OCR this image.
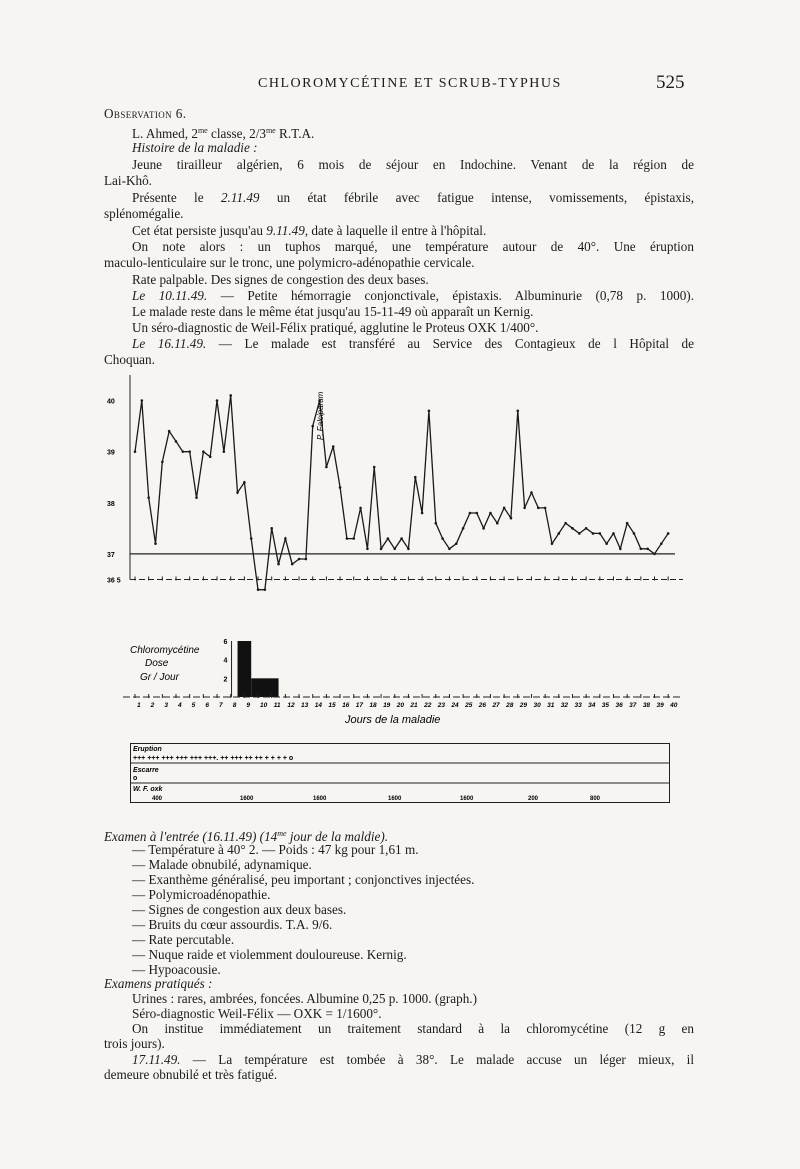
CHLOROMYCÉTINE ET SCRUB-TYPHUS	525
Observation 6.
L. Ahmed, $2^{me}$ classe, $2/3^{me}$ R.T.A.
Histoire de la maladie :
Jeune tirailleur algérien, 6 mois de séjour en Indochine. Venant de la région de
Lai-Khô.
Présente le 2.11.49 un état fébrile avec fatigue intense, vomissements, épistaxis,
splénomégalie.
Cet état persiste jusqu'au 9.11.49, date à laquelle il entre à l'hôpital.
On note alors : un tuphos marqué, une température autour de 40°. Une éruption
maculo-lenticulaire sur le tronc, une polymicro-adénopathie cervicale.
Rate palpable. Des signes de congestion des deux bases.
Le 10.11.49. — Petite hémorragie conjonctivale, épistaxis. Albuminurie (0,78 p. 1000).
Le malade reste dans le même état jusqu'au 15-11-49 où apparaît un Kernig.
Un séro-diagnostic de Weil-Félix pratiqué, agglutine le Proteus OXK 1/400°.
Le 16.11.49. — Le malade est transféré au Service des Contagieux de l Hôpital de
Choquan.
40
39
38
37
36 5
P. Falciparum
Chloromycétine
Dose
Gr / Jour
6
4
2
1 2 3 4 5 6 7 8 9 10 11 12 13 14 15 16 17 18 19 20 21 22 23 24 25 26 27 28 29 30 31 32 33 34 35 36 37 38 39 40
Jours de la maladie
Eruption
+++ +++ +++ +++ +++ +++. ++ +++ ++ ++ + + + + o
Escarre
o
W. F. oxk
400	1600	1600	1600	1600	200	800
Examen à l'entrée (16.11.49) ($14^{me}$ jour de la maldie).
— Température à 40° 2. — Poids : 47 kg pour 1,61 m.
— Malade obnubilé, adynamique.
— Exanthème généralisé, peu important ; conjonctives injectées.
— Polymicroadénopathie.
— Signes de congestion aux deux bases.
— Bruits du cœur assourdis. T.A. 9/6.
— Rate percutable.
— Nuque raide et violemment douloureuse. Kernig.
— Hypoacousie.
Examens pratiqués :
Urines : rares, ambrées, foncées. Albumine 0,25 p. 1000. (graph.)
Séro-diagnostic Weil-Félix — OXK = 1/1600°.
On institue immédiatement un traitement standard à la chloromycétine (12 g en
trois jours).
17.11.49. — La température est tombée à 38°. Le malade accuse un léger mieux, il
demeure obnubilé et très fatigué.
